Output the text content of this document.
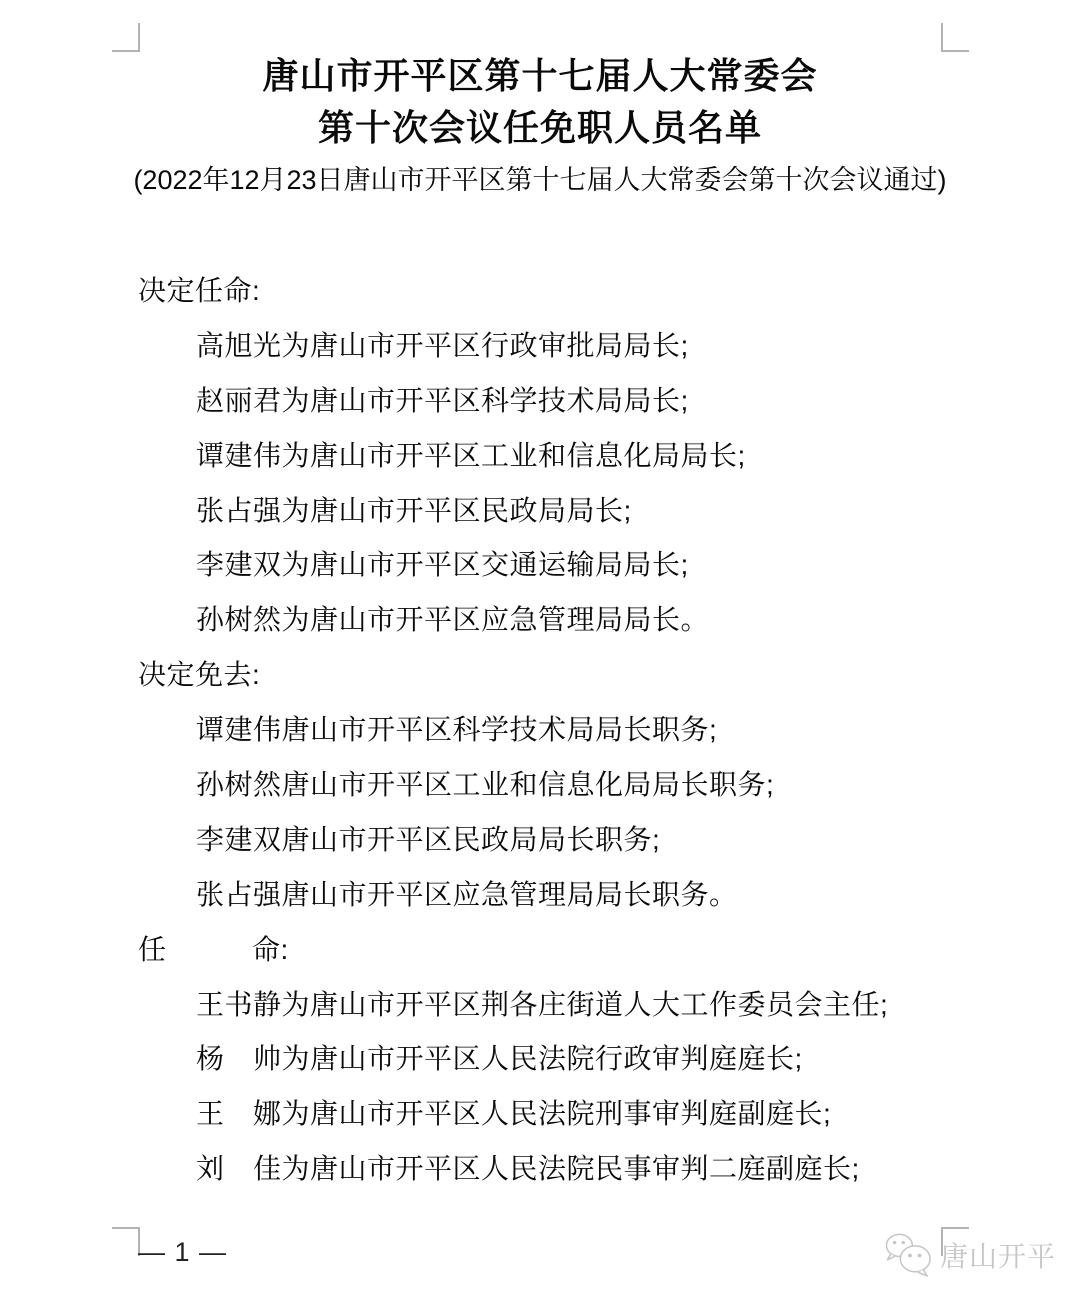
唐山市开平区第十七届人大常委会
第十次会议任免职人员名单
(2022年12月23日唐山市开平区第十七届人大常委会第十次会议通过)
决定任命:
高旭光为唐山市开平区行政审批局局长;
赵丽君为唐山市开平区科学技术局局长;
谭建伟为唐山市开平区工业和信息化局局长;
张占强为唐山市开平区民政局局长;
李建双为唐山市开平区交通运输局局长;
孙树然为唐山市开平区应急管理局局长。
决定免去:
谭建伟唐山市开平区科学技术局局长职务;
孙树然唐山市开平区工业和信息化局局长职务;
李建双唐山市开平区民政局局长职务;
张占强唐山市开平区应急管理局局长职务。
任　　　命:
王书静为唐山市开平区荆各庄街道人大工作委员会主任;
杨　帅为唐山市开平区人民法院行政审判庭庭长;
王　娜为唐山市开平区人民法院刑事审判庭副庭长;
刘　佳为唐山市开平区人民法院民事审判二庭副庭长;
— 1 —	唐山开平
